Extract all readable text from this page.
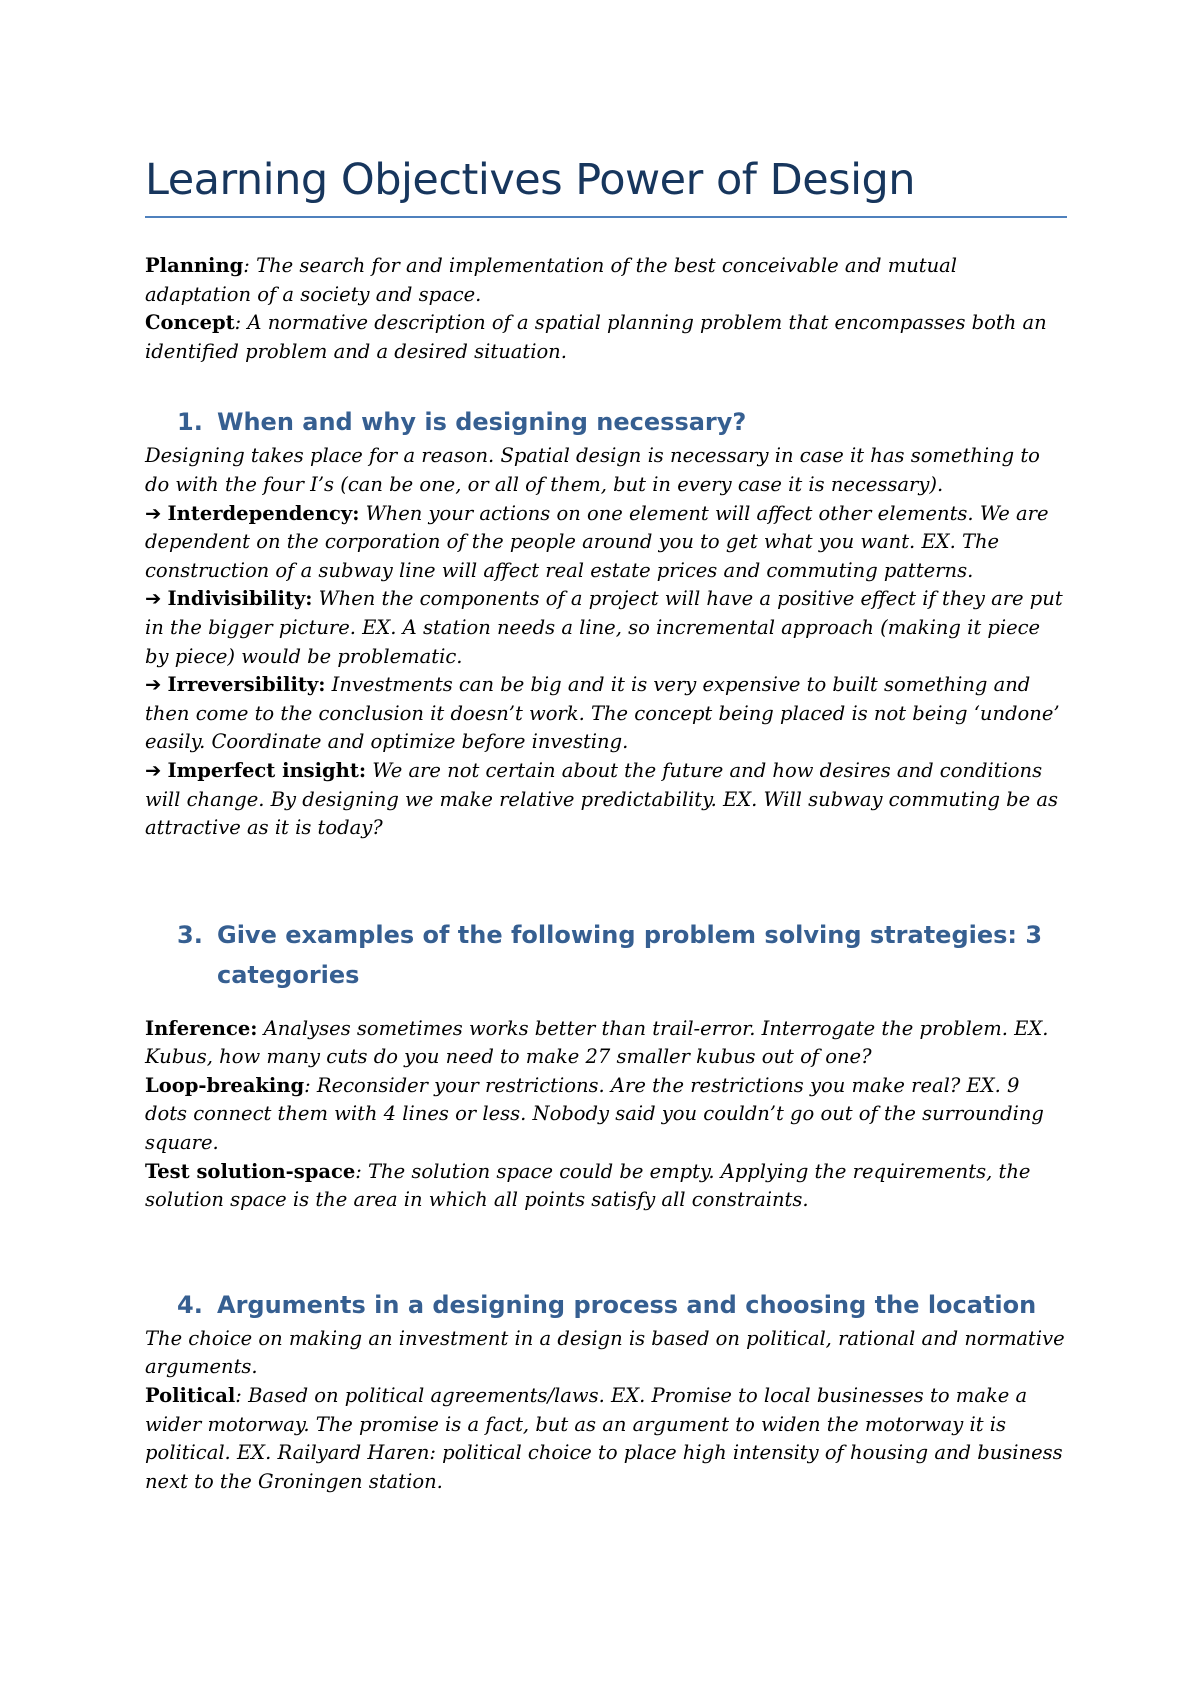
Learning Objectives Power of Design

Planning: The search for and implementation of the best conceivable and mutual adaptation of a society and space.

Concept: A normative description of a spatial planning problem that encompasses both an identified problem and a desired situation.

1. When and why is designing necessary?

Designing takes place for a reason. Spatial design is necessary in case it has something to do with the four I’s (can be one, or all of them, but in every case it is necessary).

➔ Interdependency: When your actions on one element will affect other elements. We are dependent on the corporation of the people around you to get what you want. EX. The construction of a subway line will affect real estate prices and commuting patterns.

➔ Indivisibility: When the components of a project will have a positive effect if they are put in the bigger picture. EX. A station needs a line, so incremental approach (making it piece by piece) would be problematic.

➔ Irreversibility: Investments can be big and it is very expensive to built something and then come to the conclusion it doesn’t work. The concept being placed is not being ‘undone’ easily. Coordinate and optimize before investing.

➔ Imperfect insight: We are not certain about the future and how desires and conditions will change. By designing we make relative predictability. EX. Will subway commuting be as attractive as it is today?

3. Give examples of the following problem solving strategies: 3 categories

Inference: Analyses sometimes works better than trail-error. Interrogate the problem. EX. Kubus, how many cuts do you need to make 27 smaller kubus out of one?

Loop-breaking: Reconsider your restrictions. Are the restrictions you make real? EX. 9 dots connect them with 4 lines or less. Nobody said you couldn’t go out of the surrounding square.

Test solution-space: The solution space could be empty. Applying the requirements, the solution space is the area in which all points satisfy all constraints.

4. Arguments in a designing process and choosing the location

The choice on making an investment in a design is based on political, rational and normative arguments.

Political: Based on political agreements/laws. EX. Promise to local businesses to make a wider motorway. The promise is a fact, but as an argument to widen the motorway it is political. EX. Railyard Haren: political choice to place high intensity of housing and business next to the Groningen station.
